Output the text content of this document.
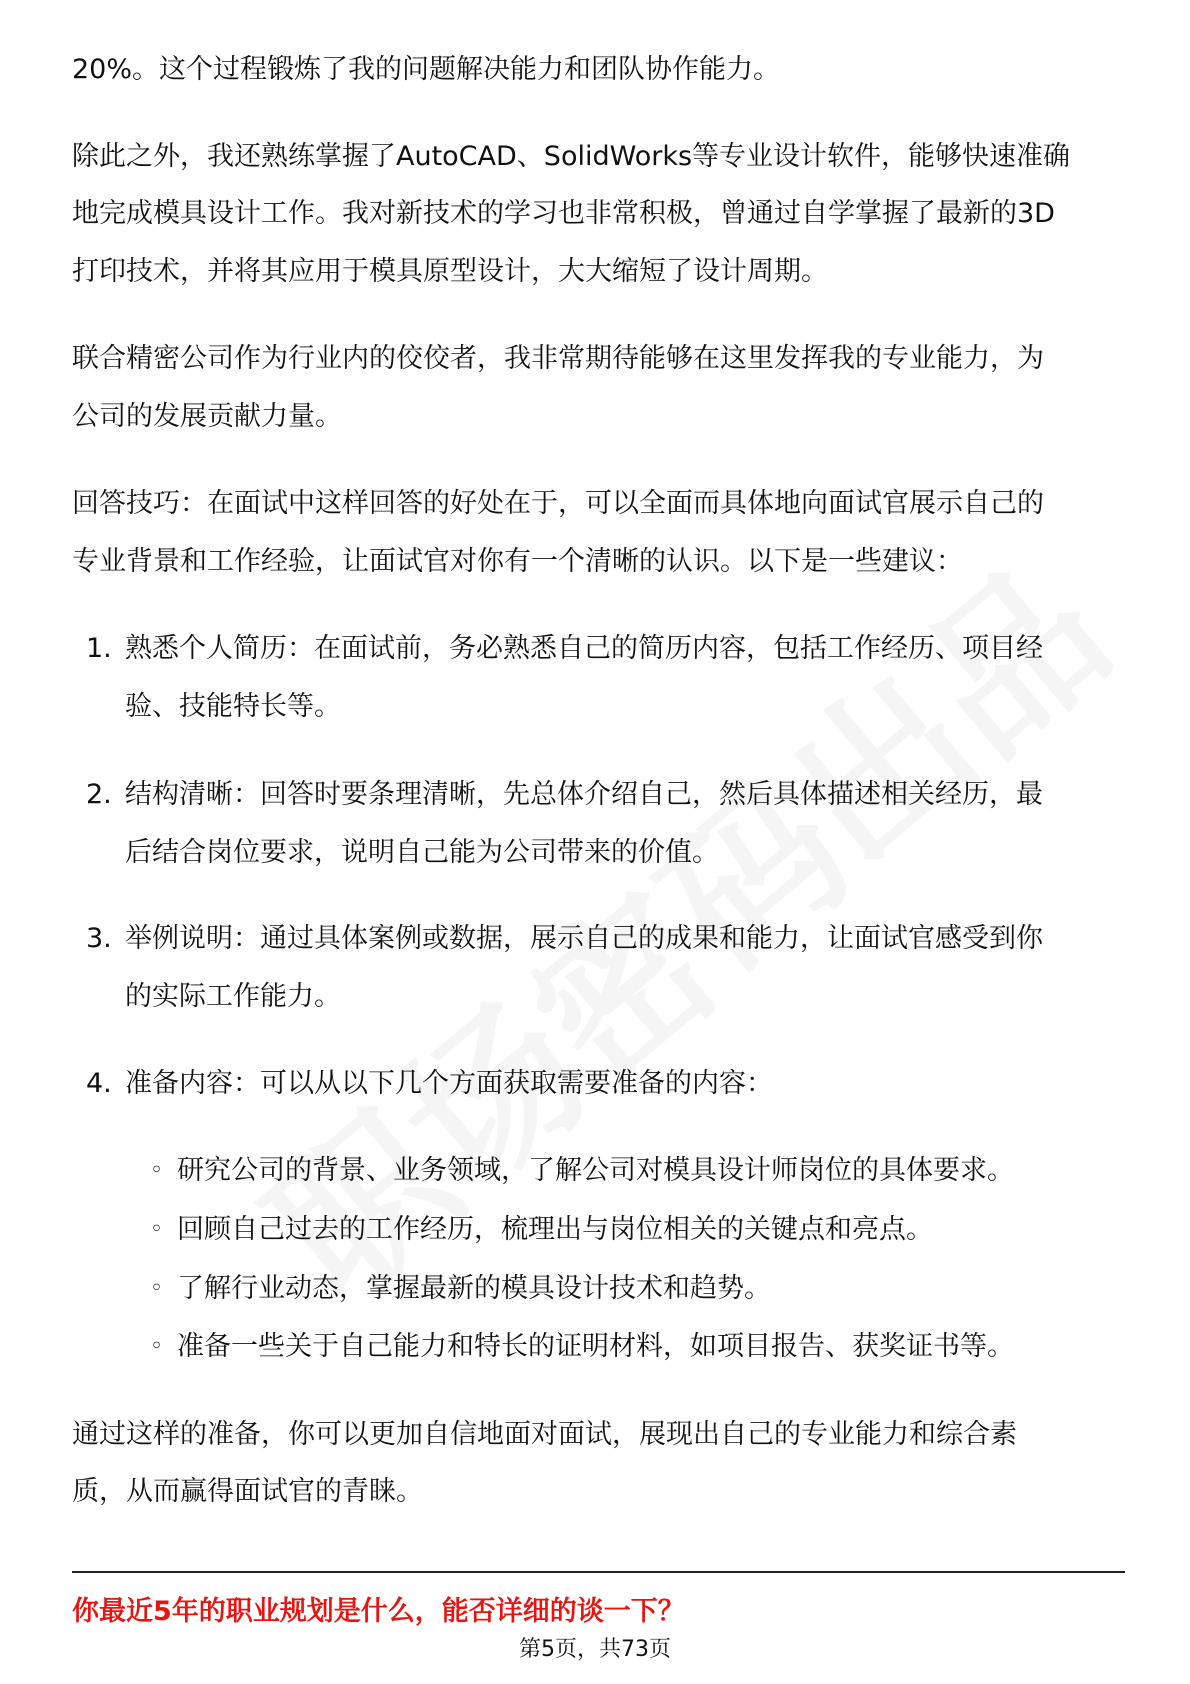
20%。这个过程锻炼了我的问题解决能力和团队协作能力。
除此之外，我还熟练掌握了AutoCAD、SolidWorks等专业设计软件，能够快速准确
地完成模具设计工作。我对新技术的学习也非常积极，曾通过自学掌握了最新的3D
打印技术，并将其应用于模具原型设计，大大缩短了设计周期。
联合精密公司作为行业内的佼佼者，我非常期待能够在这里发挥我的专业能力，为
公司的发展贡献力量。
回答技巧：在面试中这样回答的好处在于，可以全面而具体地向面试官展示自己的
专业背景和工作经验，让面试官对你有一个清晰的认识。以下是一些建议：
1. 熟悉个人简历：在面试前，务必熟悉自己的简历内容，包括工作经历、项目经
验、技能特长等。
2. 结构清晰：回答时要条理清晰，先总体介绍自己，然后具体描述相关经历，最
后结合岗位要求，说明自己能为公司带来的价值。
3. 举例说明：通过具体案例或数据，展示自己的成果和能力，让面试官感受到你
的实际工作能力。
4. 准备内容：可以从以下几个方面获取需要准备的内容：
◦ 研究公司的背景、业务领域，了解公司对模具设计师岗位的具体要求。
◦ 回顾自己过去的工作经历，梳理出与岗位相关的关键点和亮点。
◦ 了解行业动态，掌握最新的模具设计技术和趋势。
◦ 准备一些关于自己能力和特长的证明材料，如项目报告、获奖证书等。
通过这样的准备，你可以更加自信地面对面试，展现出自己的专业能力和综合素
质，从而赢得面试官的青睐。
你最近5年的职业规划是什么，能否详细的谈一下？
第5页，共73页
